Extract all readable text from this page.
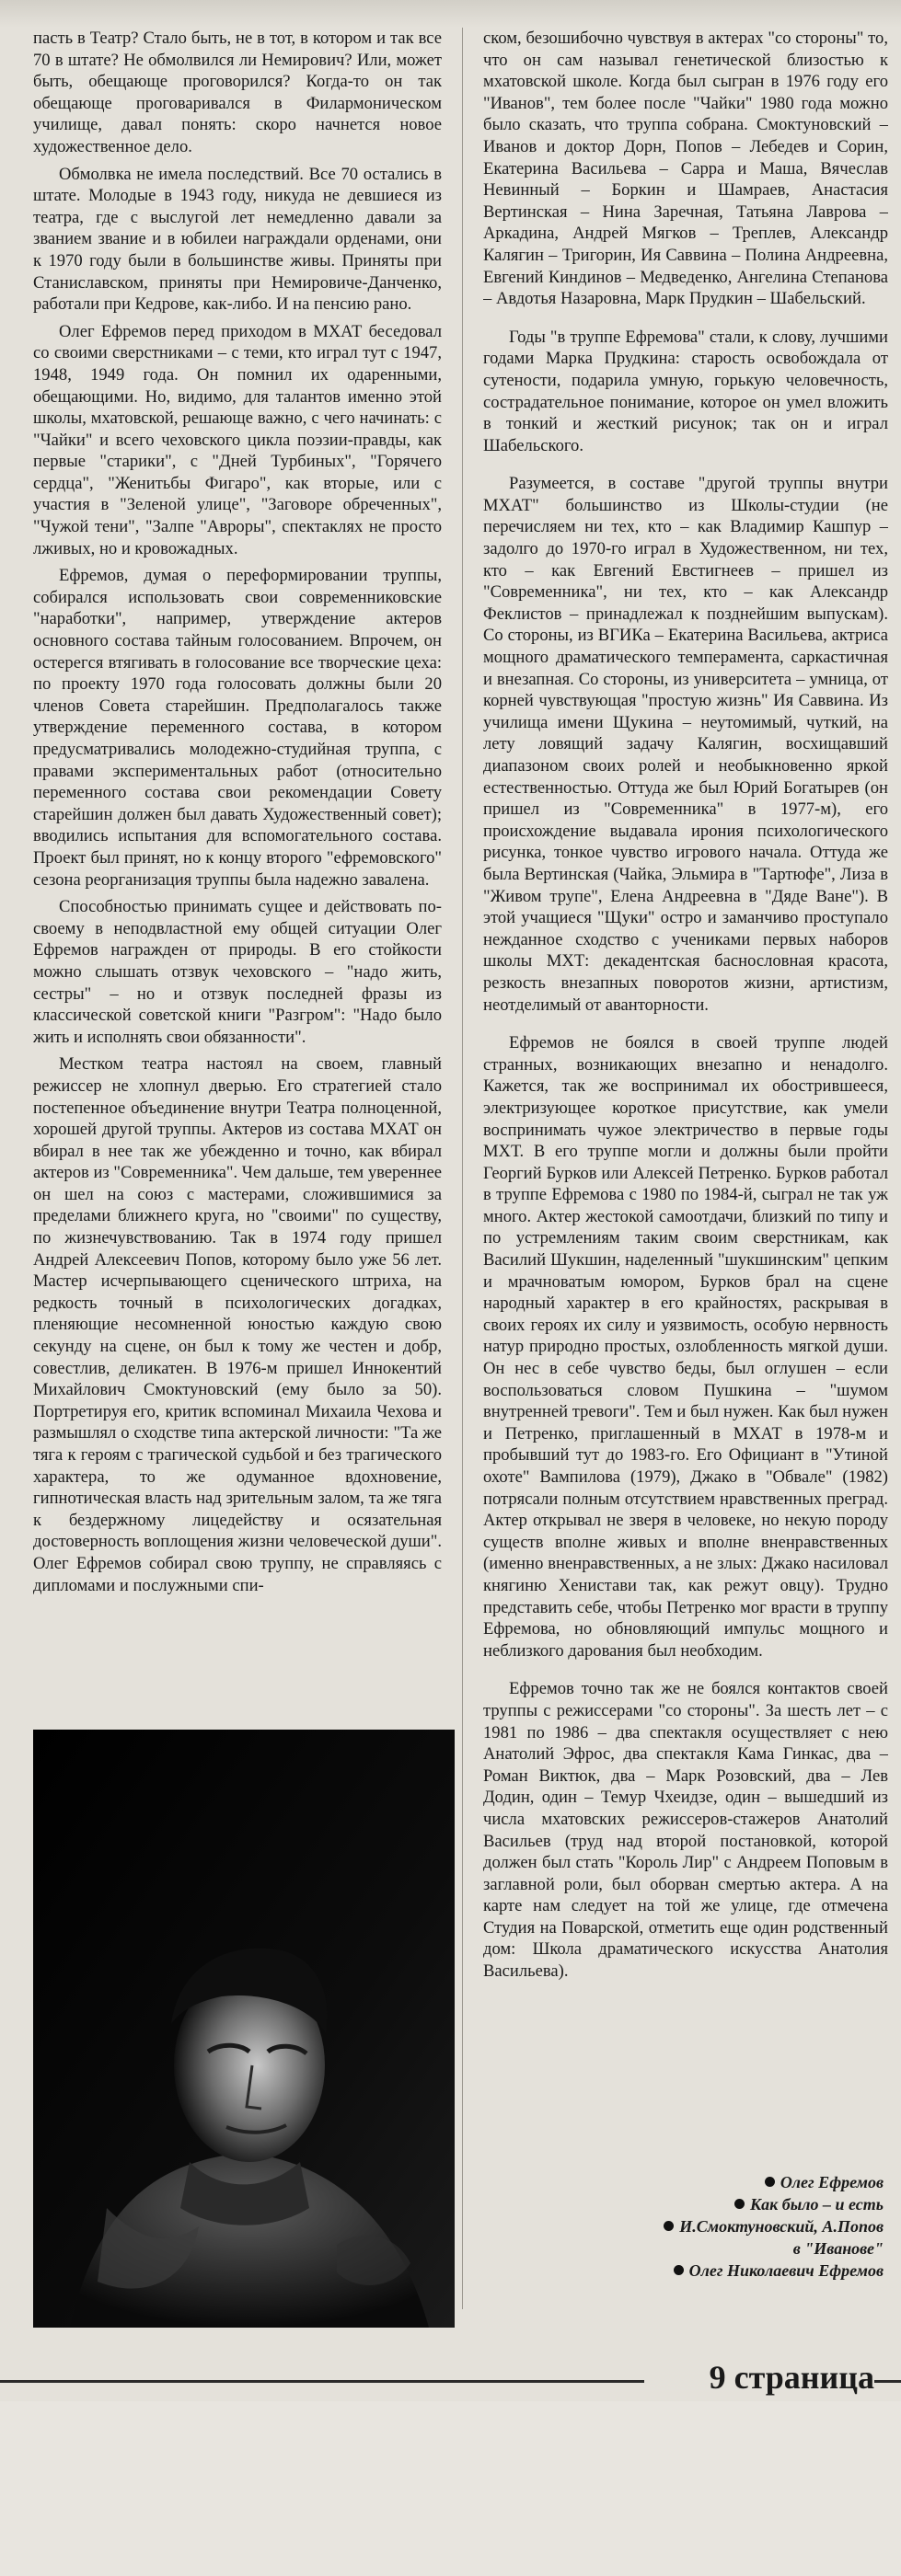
пасть в Театр? Стало быть, не в тот, в котором и так все 70 в штате? Не обмолвился ли Немирович? Или, может быть, обещающе проговорился? Когда-то он так обещающе проговаривался в Филармоническом училище, давал понять: скоро начнется новое художественное дело.

Обмолвка не имела последствий. Все 70 остались в штате. Молодые в 1943 году, никуда не девшиеся из театра, где с выслугой лет немедленно давали за званием звание и в юбилеи награждали орденами, они к 1970 году были в большинстве живы. Приняты при Станиславском, приняты при Немировиче-Данченко, работали при Кедрове, как-либо. И на пенсию рано.

Олег Ефремов перед приходом в МХАТ беседовал со своими сверстниками – с теми, кто играл тут с 1947, 1948, 1949 года. Он помнил их одаренными, обещающими. Но, видимо, для талантов именно этой школы, мхатовской, решающе важно, с чего начинать: с "Чайки" и всего чеховского цикла поэзии-правды, как первые "старики", с "Дней Турбиных", "Горячего сердца", "Женитьбы Фигаро", как вторые, или с участия в "Зеленой улице", "Заговоре обреченных", "Чужой тени", "Залпе "Авроры", спектаклях не просто лживых, но и кровожадных.

Ефремов, думая о переформировании труппы, собирался использовать свои современниковские "наработки", например, утверждение актеров основного состава тайным голосованием. Впрочем, он остерегся втягивать в голосование все творческие цеха: по проекту 1970 года голосовать должны были 20 членов Совета старейшин. Предполагалось также утверждение переменного состава, в котором предусматривались молодежно-студийная труппа, с правами экспериментальных работ (относительно переменного состава свои рекомендации Совету старейшин должен был давать Художественный совет); вводились испытания для вспомогательного состава. Проект был принят, но к концу второго "ефремовского" сезона реорганизация труппы была надежно завалена.

Способностью принимать сущее и действовать по-своему в неподвластной ему общей ситуации Олег Ефремов награжден от природы. В его стойкости можно слышать отзвук чеховского – "надо жить, сестры" – но и отзвук последней фразы из классической советской книги "Разгром": "Надо было жить и исполнять свои обязанности".

Местком театра настоял на своем, главный режиссер не хлопнул дверью. Его стратегией стало постепенное объединение внутри Театра полноценной, хорошей другой труппы. Актеров из состава МХАТ он вбирал в нее так же убежденно и точно, как вбирал актеров из "Современника". Чем дальше, тем увереннее он шел на союз с мастерами, сложившимися за пределами ближнего круга, но "своими" по существу, по жизнечувствованию. Так в 1974 году пришел Андрей Алексеевич Попов, которому было уже 56 лет. Мастер исчерпывающего сценического штриха, на редкость точный в психологических догадках, пленяющие несомненной юностью каждую свою секунду на сцене, он был к тому же честен и добр, совестлив, деликатен. В 1976-м пришел Иннокентий Михайлович Смоктуновский (ему было за 50). Портретируя его, критик вспоминал Михаила Чехова и размышлял о сходстве типа актерской личности: "Та же тяга к героям с трагической судьбой и без трагического характера, то же одуманное вдохновение, гипнотическая власть над зрительным залом, та же тяга к бездержному лицедейству и осязательная достоверность воплощения жизни человеческой души". Олег Ефремов собирал свою труппу, не справляясь с дипломами и послужными спи-

ском, безошибочно чувствуя в актерах "со стороны" то, что он сам называл генетической близостью к мхатовской школе. Когда был сыгран в 1976 году его "Иванов", тем более после "Чайки" 1980 года можно было сказать, что труппа собрана. Смоктуновский – Иванов и доктор Дорн, Попов – Лебедев и Сорин, Екатерина Васильева – Сарра и Маша, Вячеслав Невинный – Боркин и Шамраев, Анастасия Вертинская – Нина Заречная, Татьяна Лаврова – Аркадина, Андрей Мягков – Треплев, Александр Калягин – Тригорин, Ия Саввина – Полина Андреевна, Евгений Киндинов – Медведенко, Ангелина Степанова – Авдотья Назаровна, Марк Прудкин – Шабельский.

Годы "в труппе Ефремова" стали, к слову, лучшими годами Марка Прудкина: старость освобождала от сутености, подарила умную, горькую человечность, сострадательное понимание, которое он умел вложить в тонкий и жесткий рисунок; так он и играл Шабельского.

Разумеется, в составе "другой труппы внутри МХАТ" большинство из Школы-студии (не перечисляем ни тех, кто – как Владимир Кашпур – задолго до 1970-го играл в Художественном, ни тех, кто – как Евгений Евстигнеев – пришел из "Современника", ни тех, кто – как Александр Феклистов – принадлежал к позднейшим выпускам). Со стороны, из ВГИКа – Екатерина Васильева, актриса мощного драматического темперамента, саркастичная и внезапная. Со стороны, из университета – умница, от корней чувствующая "простую жизнь" Ия Саввина. Из училища имени Щукина – неутомимый, чуткий, на лету ловящий задачу Калягин, восхищавший диапазоном своих ролей и необыкновенно яркой естественностью. Оттуда же был Юрий Богатырев (он пришел из "Современника" в 1977-м), его происхождение выдавала ирония психологического рисунка, тонкое чувство игрового начала. Оттуда же была Вертинская (Чайка, Эльмира в "Тартюфе", Лиза в "Живом трупе", Елена Андреевна в "Дяде Ване"). В этой учащиеся "Щуки" остро и заманчиво проступало нежданное сходство с учениками первых наборов школы МХТ: декадентская баснословная красота, резкость внезапных поворотов жизни, артистизм, неотделимый от аванторности.

Ефремов не боялся в своей труппе людей странных, возникающих внезапно и ненадолго. Кажется, так же воспринимал их обострившееся, электризующее короткое присутствие, как умели воспринимать чужое электричество в первые годы МХТ. В его труппе могли и должны были пройти Георгий Бурков или Алексей Петренко. Бурков работал в труппе Ефремова с 1980 по 1984-й, сыграл не так уж много. Актер жестокой самоотдачи, близкий по типу и по устремлениям таким своим сверстникам, как Василий Шукшин, наделенный "шукшинским" цепким и мрачноватым юмором, Бурков брал на сцене народный характер в его крайностях, раскрывая в своих героях их силу и уязвимость, особую нервность натур природно простых, озлобленность мягкой души. Он нес в себе чувство беды, был оглушен – если воспользоваться словом Пушкина – "шумом внутренней тревоги". Тем и был нужен. Как был нужен и Петренко, приглашенный в МХАТ в 1978-м и пробывший тут до 1983-го. Его Официант в "Утиной охоте" Вампилова (1979), Джако в "Обвале" (1982) потрясали полным отсутствием нравственных преград. Актер открывал не зверя в человеке, но некую породу существ вполне живых и вполне вненравственных (именно вненравственных, а не злых: Джако насиловал княгиню Хенистави так, как режут овцу). Трудно представить себе, чтобы Петренко мог врасти в труппу Ефремова, но обновляющий импульс мощного и неблизкого дарования был необходим.

Ефремов точно так же не боялся контактов своей труппы с режиссерами "со стороны". За шесть лет – с 1981 по 1986 – два спектакля осуществляет с нею Анатолий Эфрос, два спектакля Кама Гинкас, два – Роман Виктюк, два – Марк Розовский, два – Лев Додин, один – Темур Чхеидзе, один – вышедший из числа мхатовских режиссеров-стажеров Анатолий Васильев (труд над второй постановкой, которой должен был стать "Король Лир" с Андреем Поповым в заглавной роли, был оборван смертью актера. А на карте нам следует на той же улице, где отмечена Студия на Поварской, отметить еще один родственный дом: Школа драматического искусства Анатолия Васильева).

Олег Ефремов
Как было – и есть
И.Смоктуновский, А.Попов
в "Иванове"
Олег Николаевич Ефремов
9 страница
